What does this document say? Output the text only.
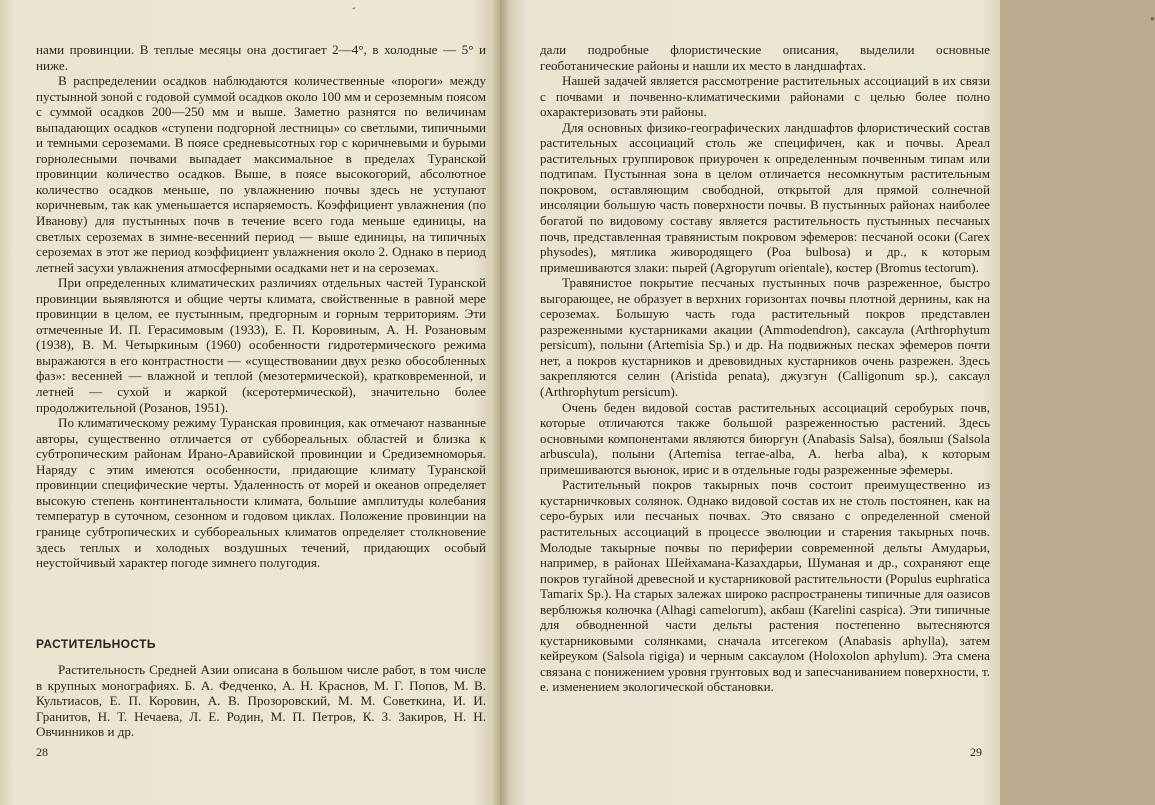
ˊ

нами провинции. В теплые месяцы она достигает 2—4°, в холодные — 5° и ниже.

В распределении осадков наблюдаются количественные «пороги» между пустынной зоной с годовой суммой осадков около 100 мм и сероземным поясом с суммой осадков 200—250 мм и выше. Заметно разнятся по величинам выпадающих осадков «ступени подгорной лестницы» со светлыми, типичными и темными сероземами. В поясе средневысотных гор с коричневыми и бурыми горнолесными почвами выпадает максимальное в пределах Туранской провинции количество осадков. Выше, в поясе высокогорий, абсолютное количество осадков меньше, по увлажнению почвы здесь не уступают коричневым, так как уменьшается испаряемость. Коэффициент увлажнения (по Иванову) для пустынных почв в течение всего года меньше единицы, на светлых сероземах в зимне-весенний период — выше единицы, на типичных сероземах в этот же период коэффициент увлажнения около 2. Однако в период летней засухи увлажнения атмосферными осадками нет и на сероземах.

При определенных климатических различиях отдельных частей Туранской провинции выявляются и общие черты климата, свойственные в равной мере провинции в целом, ее пустынным, предгорным и горным территориям. Эти отмеченные И. П. Герасимовым (1933), Е. П. Коровиным, А. Н. Розановым (1938), В. М. Четыркиным (1960) особенности гидротермического режима выражаются в его контрастности — «существовании двух резко обособленных фаз»: весенней — влажной и теплой (мезотермической), кратковременной, и летней — сухой и жаркой (ксеротермической), значительно более продолжительной (Розанов, 1951).

По климатическому режиму Туранская провинция, как отмечают названные авторы, существенно отличается от суббореальных областей и близка к субтропическим районам Ирано-Аравийской провинции и Средиземноморья. Наряду с этим имеются особенности, придающие климату Туранской провинции специфические черты. Удаленность от морей и океанов определяет высокую степень континентальности климата, большие амплитуды колебания температур в суточном, сезонном и годовом циклах. Положение провинции на границе субтропических и суббореальных климатов определяет столкновение здесь теплых и холодных воздушных течений, придающих особый неустойчивый характер погоде зимнего полугодия.

РАСТИТЕЛЬНОСТЬ

Растительность Средней Азии описана в большом числе работ, в том числе в крупных монографиях. Б. А. Федченко, А. Н. Краснов, М. Г. Попов, М. В. Культиасов, Е. П. Коровин, А. В. Прозоровский, М. М. Советкина, И. И. Гранитов, Н. Т. Нечаева, Л. Е. Родин, М. П. Петров, К. З. Закиров, Н. Н. Овчинников и др.

28
●

дали подробные флористические описания, выделили основные геоботанические районы и нашли их место в ландшафтах.

Нашей задачей является рассмотрение растительных ассоциаций в их связи с почвами и почвенно-климатическими районами с целью более полно охарактеризовать эти районы.

Для основных физико-географических ландшафтов флористический состав растительных ассоциаций столь же специфичен, как и почвы. Ареал растительных группировок приурочен к определенным почвенным типам или подтипам. Пустынная зона в целом отличается несомкнутым растительным покровом, оставляющим свободной, открытой для прямой солнечной инсоляции большую часть поверхности почвы. В пустынных районах наиболее богатой по видовому составу является растительность пустынных песчаных почв, представленная травянистым покровом эфемеров: песчаной осоки (Carex physodes), мятлика живородящего (Poa bulbosa) и др., к которым примешиваются злаки: пырей (Agropyrum orientale), костер (Bromus tectorum).

Травянистое покрытие песчаных пустынных почв разреженное, быстро выгорающее, не образует в верхних горизонтах почвы плотной дернины, как на сероземах. Большую часть года растительный покров представлен разреженными кустарниками акации (Ammodendron), саксаула (Arthrophytum persicum), полыни (Artemisia Sp.) и др. На подвижных песках эфемеров почти нет, а покров кустарников и древовидных кустарников очень разрежен. Здесь закрепляются селин (Aristida penata), джузгун (Calligonum sp.), саксаул (Arthrophytum persicum).

Очень беден видовой состав растительных ассоциаций серобурых почв, которые отличаются также большой разреженностью растений. Здесь основными компонентами являются биюргун (Anabasis Salsa), боялыш (Salsola arbuscula), полыни (Artemisa terrae-alba, A. herba alba), к которым примешиваются вьюнок, ирис и в отдельные годы разреженные эфемеры.

Растительный покров такырных почв состоит преимущественно из кустарничковых солянок. Однако видовой состав их не столь постоянен, как на серо-бурых или песчаных почвах. Это связано с определенной сменой растительных ассоциаций в процессе эволюции и старения такырных почв. Молодые такырные почвы по периферии современной дельты Амударьи, например, в районах Шейхамана-Казахдарьи, Шуманая и др., сохраняют еще покров тугайной древесной и кустарниковой растительности (Populus euphratica Tamarix Sp.). На старых залежах широко распространены типичные для оазисов верблюжья колючка (Alhagi camelorum), акбаш (Karelini caspica). Эти типичные для обводненной части дельты растения постепенно вытесняются кустарниковыми солянками, сначала итсегеком (Anabasis aphylla), затем кейреуком (Salsola rigiga) и черным саксаулом (Holoxolon aphylum). Эта смена связана с понижением уровня грунтовых вод и запесчаниванием поверхности, т. е. изменением экологической обстановки.

29
